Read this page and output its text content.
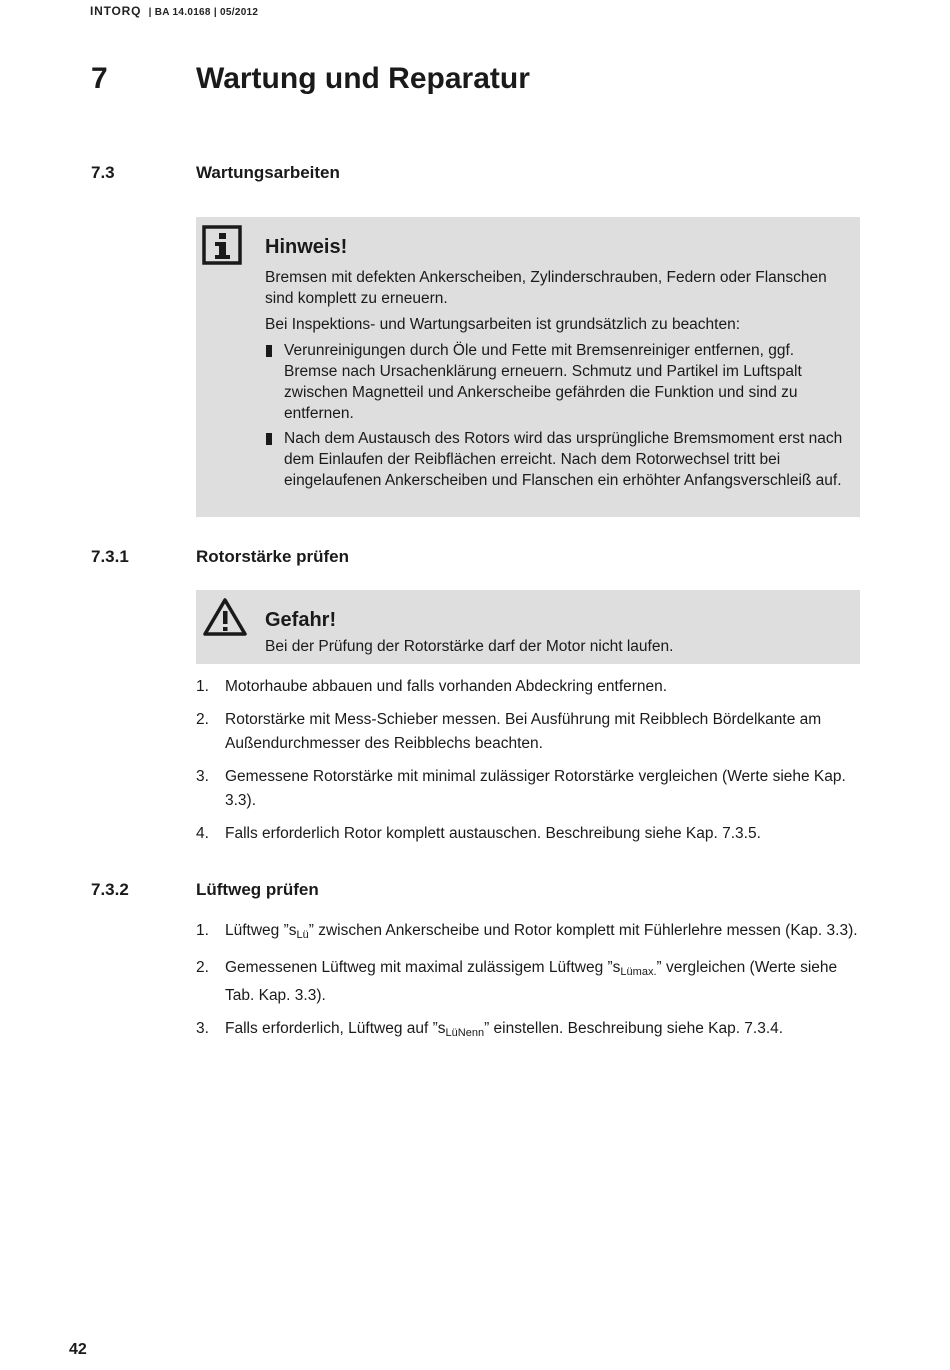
INTORQ | BA 14.0168 | 05/2012
7	Wartung und Reparatur
7.3	Wartungsarbeiten
Hinweis!

Bremsen mit defekten Ankerscheiben, Zylinderschrauben, Federn oder Flanschen sind komplett zu erneuern.

Bei Inspektions- und Wartungsarbeiten ist grundsätzlich zu beachten:

Verunreinigungen durch Öle und Fette mit Bremsenreiniger entfernen, ggf. Bremse nach Ursachenklärung erneuern. Schmutz und Partikel im Luftspalt zwischen Magnetteil und Ankerscheibe gefährden die Funktion und sind zu entfernen.
Nach dem Austausch des Rotors wird das ursprüngliche Bremsmoment erst nach dem Einlaufen der Reibflächen erreicht. Nach dem Rotorwechsel tritt bei eingelaufenen Ankerscheiben und Flanschen ein erhöhter Anfangsverschleiß auf.
7.3.1	Rotorstärke prüfen
Gefahr!
Bei der Prüfung der Rotorstärke darf der Motor nicht laufen.
1. Motorhaube abbauen und falls vorhanden Abdeckring entfernen.
2. Rotorstärke mit Mess-Schieber messen. Bei Ausführung mit Reibblech Bördelkante am Außendurchmesser des Reibblechs beachten.
3. Gemessene Rotorstärke mit minimal zulässiger Rotorstärke vergleichen (Werte siehe Kap. 3.3).
4. Falls erforderlich Rotor komplett austauschen. Beschreibung siehe Kap. 7.3.5.
7.3.2	Lüftweg prüfen
1. Lüftweg $”s_{Lü}$” zwischen Ankerscheibe und Rotor komplett mit Fühlerlehre messen (Kap. 3.3).
2. Gemessenen Lüftweg mit maximal zulässigem Lüftweg $”s_{Lümax.}$” vergleichen (Werte siehe Tab. Kap. 3.3).
3. Falls erforderlich, Lüftweg auf $”s_{LüNenn}$” einstellen. Beschreibung siehe Kap. 7.3.4.
42
